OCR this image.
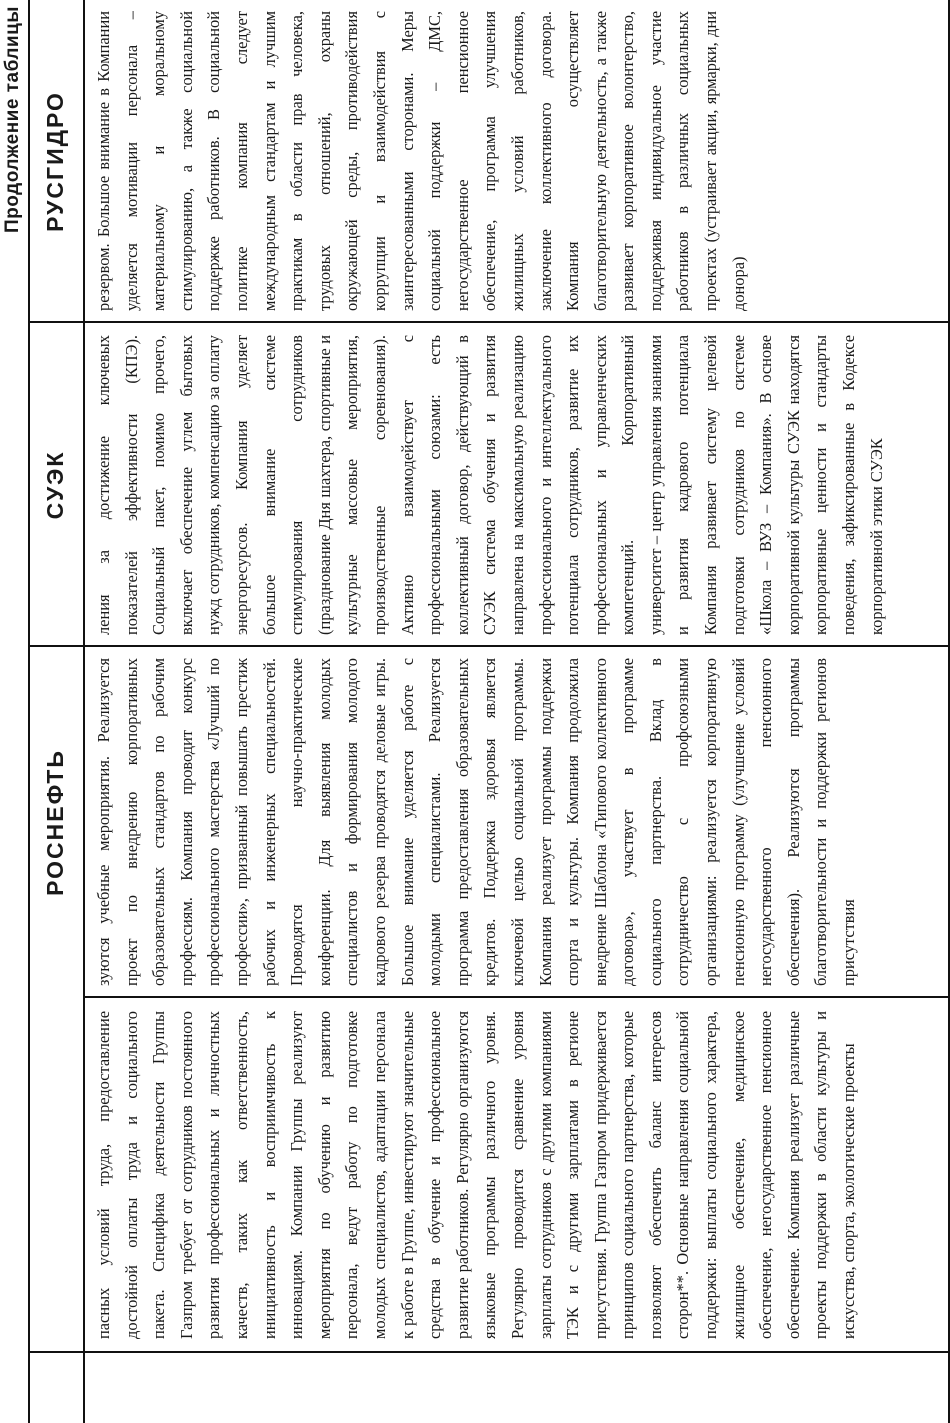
Продолжение таблицы
РОСНЕФТЬ
СУЭК
РУСГИДРО
пасных условий труда, предоставление достойной оплаты труда и социального пакета. Специфика деятельности Группы Газпром требует от сотрудников постоянного развития профессиональных и личностных качеств, таких как ответственность, инициативность и восприимчивость к инновациям. Компании Группы реализуют мероприятия по обучению и развитию персонала, ведут работу по подготовке молодых специалистов, адаптации персонала к работе в Группе, инвестируют значительные средства в обучение и профессиональное развитие работников. Регулярно организуются языковые программы различного уровня. Регулярно проводится сравнение уровня зарплаты сотрудников с другими компаниями ТЭК и с другими зарплатами в регионе присутствия. Группа Газпром придерживается принципов социального партнерства, которые позволяют обеспечить баланс интересов сторон**. Основные направления социальной поддержки: выплаты социального характера, жилищное обеспечение, медицинское обеспечение, негосударственное пенсионное обеспечение. Компания реализует различные проекты поддержки в области культуры и искусства, спорта, экологические проекты
зуются учебные мероприятия. Реализуется проект по внедрению корпоративных образовательных стандартов по рабочим профессиям. Компания проводит конкурс профессионального мастерства «Лучший по профессии», призванный повышать престиж рабочих и инженерных специальностей. Проводятся научно-практические конференции. Для выявления молодых специалистов и формирования молодого кадрового резерва проводятся деловые игры. Большое внимание уделяется работе с молодыми специалистами. Реализуется программа предоставления образовательных кредитов. Поддержка здоровья является ключевой целью социальной программы. Компания реализует программы поддержки спорта и культуры. Компания продолжила внедрение Шаблона «Типового коллективного договора», участвует в программе социального партнерства. Вклад в сотрудничество с профсоюзными организациями: реализуется корпоративную пенсионную программу (улучшение условий негосударственного пенсионного обеспечения). Реализуются программы благотворительности и поддержки регионов присутствия
ления за достижение ключевых показателей эффективности (КПЭ). Социальный пакет, помимо прочего, включает обеспечение углем бытовых нужд сотрудников, компенсацию за оплату энергоресурсов. Компания уделяет большое внимание системе стимулирования сотрудников (празднование Дня шахтера, спортивные и культурные массовые мероприятия, производственные соревнования). Активно взаимодействует с профессиональными союзами: есть коллективный договор, действующий в СУЭК система обучения и развития направлена на максимальную реализацию профессионального и интеллектуального потенциала сотрудников, развитие их профессиональных и управленческих компетенций. Корпоративный университет – центр управления знаниями и развития кадрового потенциала Компания развивает систему целевой подготовки сотрудников по системе «Школа – ВУЗ – Компания». В основе корпоративной культуры СУЭК находятся корпоративные ценности и стандарты поведения, зафиксированные в Кодексе корпоративной этики СУЭК
резервом. Большое внимание в Компании уделяется мотивации персонала – материальному и моральному стимулированию, а также социальной поддержке работников. В социальной политике компания следует международным стандартам и лучшим практикам в области прав человека, трудовых отношений, охраны окружающей среды, противодействия коррупции и взаимодействия с заинтересованными сторонами. Меры социальной поддержки – ДМС, негосударственное пенсионное обеспечение, программа улучшения жилищных условий работников, заключение коллективного договора. Компания осуществляет благотворительную деятельность, а также развивает корпоративное волонтерство, поддерживая индивидуальное участие работников в различных социальных проектах (устраивает акции, ярмарки, дни донора)
